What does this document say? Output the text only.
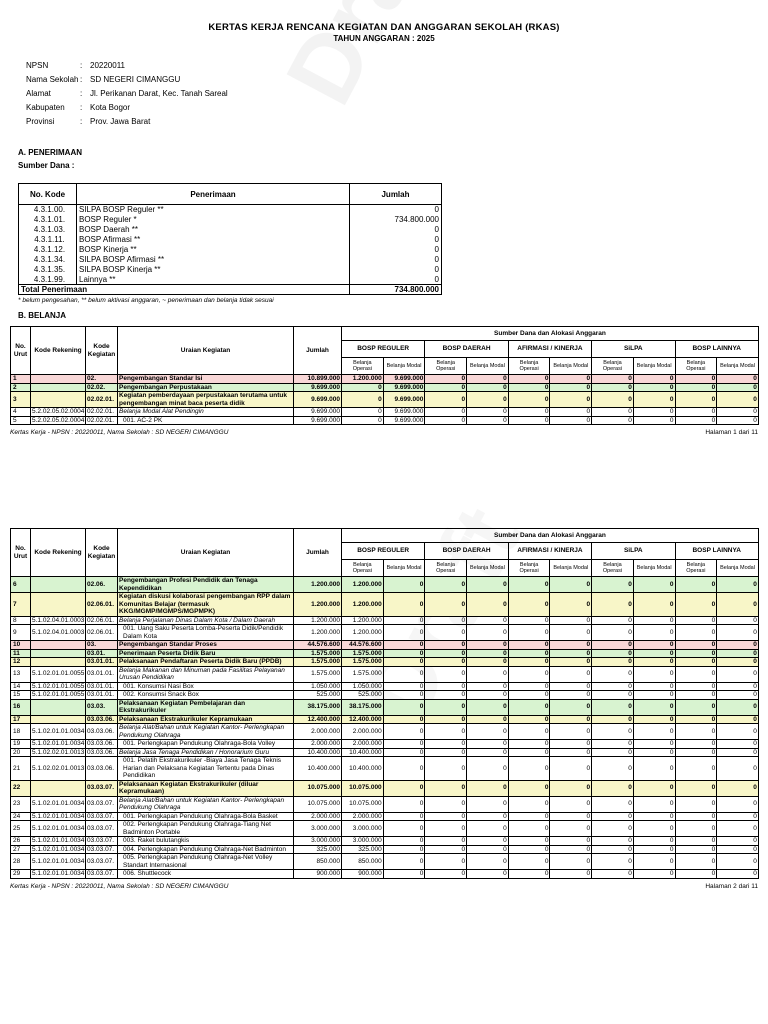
KERTAS KERJA RENCANA KEGIATAN DAN ANGGARAN SEKOLAH (RKAS)
TAHUN ANGGARAN : 2025
NPSN	: 20220011
Nama Sekolah : SD NEGERI CIMANGGU
Alamat	: Jl. Perikanan Darat, Kec. Tanah Sareal
Kabupaten	: Kota Bogor
Provinsi	: Prov. Jawa Barat
A. PENERIMAAN
Sumber Dana :
No. Kode	Penerimaan	Jumlah
4.3.1.00.	SILPA BOSP Reguler **	0
4.3.1.01.	BOSP Reguler *	734.800.000
4.3.1.03.	BOSP Daerah **	0
4.3.1.11.	BOSP Afirmasi **	0
4.3.1.12.	BOSP Kinerja **	0
4.3.1.34.	SILPA BOSP Afirmasi **	0
4.3.1.35.	SILPA BOSP Kinerja **	0
4.3.1.99.	Lainnya **	0
Total Penerimaan		734.800.000
* belum pengesahan, ** belum aktivasi anggaran, ~ penerimaan dan belanja tidak sesuai
B. BELANJA
No. Urut	Kode Rekening	Kode Kegiatan	Uraian Kegiatan	Jumlah	Sumber Dana dan Alokasi Anggaran									
					BOSP REGULER		BOSP DAERAH		AFIRMASI / KINERJA		SiLPA		BOSP LAINNYA	
					Belanja Operasi	Belanja Modal	Belanja Operasi	Belanja Modal	Belanja Operasi	Belanja Modal	Belanja Operasi	Belanja Modal	Belanja Operasi	Belanja Modal
1		02.	Pengembangan Standar Isi	10.899.000	1.200.000	9.699.000	0	0	0	0	0	0	0	0
2		02.02.	Pengembangan Perpustakaan	9.699.000	0	9.699.000	0	0	0	0	0	0	0	0
3		02.02.01.	Kegiatan pemberdayaan perpustakaan terutama untuk pengembangan minat baca peserta didik	9.699.000	0	9.699.000	0	0	0	0	0	0	0	0
4	5.2.02.05.02.0004	02.02.01.	Belanja Modal Alat Pendingin	9.699.000	0	9.699.000	0	0	0	0	0	0	0	0
5	5.2.02.05.02.0004	02.02.01.	001. AC-2 PK	9.699.000	0	9.699.000	0	0	0	0	0	0	0	0
Kertas Kerja - NPSN : 20220011, Nama Sekolah : SD NEGERI CIMANGGU	Halaman 1 dari 11
No. Urut	Kode Rekening	Kode Kegiatan	Uraian Kegiatan	Jumlah	Sumber Dana dan Alokasi Anggaran									
					BOSP REGULER		BOSP DAERAH		AFIRMASI / KINERJA		SiLPA		BOSP LAINNYA	
					Belanja Operasi	Belanja Modal	Belanja Operasi	Belanja Modal	Belanja Operasi	Belanja Modal	Belanja Operasi	Belanja Modal	Belanja Operasi	Belanja Modal
6		02.06.	Pengembangan Profesi Pendidik dan Tenaga Kependidikan	1.200.000	1.200.000	0	0	0	0	0	0	0	0	0
7		02.06.01.	Kegiatan diskusi kolaborasi pengembangan RPP dalam Komunitas Belajar (termasuk KKG/MGMP/MGMPS/MGPMPK)	1.200.000	1.200.000	0	0	0	0	0	0	0	0	0
8	5.1.02.04.01.0003	02.06.01.	Belanja Perjalanan Dinas Dalam Kota / Dalam Daerah	1.200.000	1.200.000	0	0	0	0	0	0	0	0	0
9	5.1.02.04.01.0003	02.06.01.	001. Uang Saku Peserta Lomba-Peserta Didik/Pendidik Dalam Kota	1.200.000	1.200.000	0	0	0	0	0	0	0	0	0
10		03.	Pengembangan Standar Proses	44.576.600	44.576.600	0	0	0	0	0	0	0	0	0
11		03.01.	Penerimaan Peserta Didik Baru	1.575.000	1.575.000	0	0	0	0	0	0	0	0	0
12		03.01.01.	Pelaksanaan Pendaftaran Peserta Didik Baru (PPDB)	1.575.000	1.575.000	0	0	0	0	0	0	0	0	0
13	5.1.02.01.01.0055	03.01.01.	Belanja Makanan dan Minuman pada Fasilitas Pelayanan Urusan Pendidikan	1.575.000	1.575.000	0	0	0	0	0	0	0	0	0
14	5.1.02.01.01.0055	03.01.01.	001. Konsumsi Nasi Box	1.050.000	1.050.000	0	0	0	0	0	0	0	0	0
15	5.1.02.01.01.0055	03.01.01.	002. Konsumsi Snack Box	525.000	525.000	0	0	0	0	0	0	0	0	0
16		03.03.	Pelaksanaan Kegiatan Pembelajaran dan Ekstrakurikuler	38.175.000	38.175.000	0	0	0	0	0	0	0	0	0
17		03.03.06.	Pelaksanaan Ekstrakurikuler Kepramukaan	12.400.000	12.400.000	0	0	0	0	0	0	0	0	0
18	5.1.02.01.01.0034	03.03.06.	Belanja Alat/Bahan untuk Kegiatan Kantor- Perlengkapan Pendukung Olahraga	2.000.000	2.000.000	0	0	0	0	0	0	0	0	0
19	5.1.02.01.01.0034	03.03.06.	001. Perlengkapan Pendukung Olahraga-Bola Volley	2.000.000	2.000.000	0	0	0	0	0	0	0	0	0
20	5.1.02.02.01.0013	03.03.06.	Belanja Jasa Tenaga Pendidikan / Honorarium Guru	10.400.000	10.400.000	0	0	0	0	0	0	0	0	0
21	5.1.02.02.01.0013	03.03.06.	001. Pelatih Ekstrakurikuler -Biaya Jasa Tenaga Teknis Harian dan Pelaksana Kegiatan Tertentu pada Dinas Pendidikan	10.400.000	10.400.000	0	0	0	0	0	0	0	0	0
22		03.03.07.	Pelaksanaan Kegiatan Ekstrakurikuler (diluar Kepramukaan)	10.075.000	10.075.000	0	0	0	0	0	0	0	0	0
23	5.1.02.01.01.0034	03.03.07.	Belanja Alat/Bahan untuk Kegiatan Kantor- Perlengkapan Pendukung Olahraga	10.075.000	10.075.000	0	0	0	0	0	0	0	0	0
24	5.1.02.01.01.0034	03.03.07.	001. Perlengkapan Pendukung Olahraga-Bola Basket	2.000.000	2.000.000	0	0	0	0	0	0	0	0	0
25	5.1.02.01.01.0034	03.03.07.	002. Perlengkapan Pendukung Olahraga-Tiang Net Badminton Portable	3.000.000	3.000.000	0	0	0	0	0	0	0	0	0
26	5.1.02.01.01.0034	03.03.07.	003. Raket bulutangkis	3.000.000	3.000.000	0	0	0	0	0	0	0	0	0
27	5.1.02.01.01.0034	03.03.07.	004. Perlengkapan Pendukung Olahraga-Net Badminton	325.000	325.000	0	0	0	0	0	0	0	0	0
28	5.1.02.01.01.0034	03.03.07.	005. Perlengkapan Pendukung Olahraga-Net Volley Standart Internasional	850.000	850.000	0	0	0	0	0	0	0	0	0
29	5.1.02.01.01.0034	03.03.07.	006. Shuttlecock	900.000	900.000	0	0	0	0	0	0	0	0	0
Kertas Kerja - NPSN : 20220011, Nama Sekolah : SD NEGERI CIMANGGU	Halaman 2 dari 11
